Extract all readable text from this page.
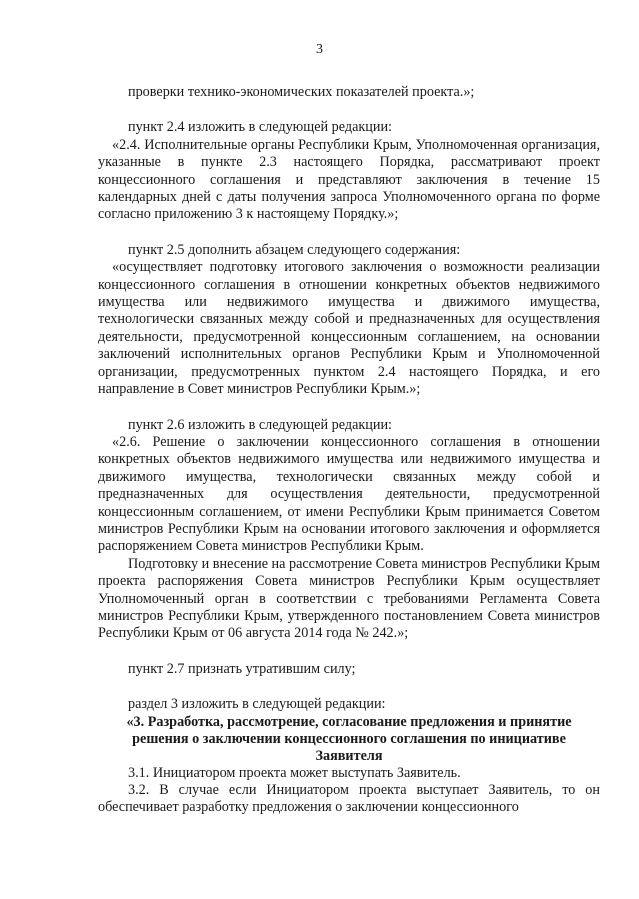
3

проверки технико-экономических показателей проекта.»;

пункт 2.4 изложить в следующей редакции:

«2.4. Исполнительные органы Республики Крым, Уполномоченная организация, указанные в пункте 2.3 настоящего Порядка, рассматривают проект концессионного соглашения и представляют заключения в течение 15 календарных дней с даты получения запроса Уполномоченного органа по форме согласно приложению 3 к настоящему Порядку.»;

пункт 2.5 дополнить абзацем следующего содержания:

«осуществляет подготовку итогового заключения о возможности реализации концессионного соглашения в отношении конкретных объектов недвижимого имущества или недвижимого имущества и движимого имущества, технологически связанных между собой и предназначенных для осуществления деятельности, предусмотренной концессионным соглашением, на основании заключений исполнительных органов Республики Крым и Уполномоченной организации, предусмотренных пунктом 2.4 настоящего Порядка, и его направление в Совет министров Республики Крым.»;

пункт 2.6 изложить в следующей редакции:

«2.6. Решение о заключении концессионного соглашения в отношении конкретных объектов недвижимого имущества или недвижимого имущества и движимого имущества, технологически связанных между собой и предназначенных для осуществления деятельности, предусмотренной концессионным соглашением, от имени Республики Крым принимается Советом министров Республики Крым на основании итогового заключения и оформляется распоряжением Совета министров Республики Крым.

Подготовку и внесение на рассмотрение Совета министров Республики Крым проекта распоряжения Совета министров Республики Крым осуществляет Уполномоченный орган в соответствии с требованиями Регламента Совета министров Республики Крым, утвержденного постановлением Совета министров Республики Крым от 06 августа 2014 года № 242.»;

пункт 2.7 признать утратившим силу;

раздел 3 изложить в следующей редакции:

«3. Разработка, рассмотрение, согласование предложения и принятие решения о заключении концессионного соглашения по инициативе Заявителя

3.1. Инициатором проекта может выступать Заявитель.

3.2. В случае если Инициатором проекта выступает Заявитель, то он обеспечивает разработку предложения о заключении концессионного
